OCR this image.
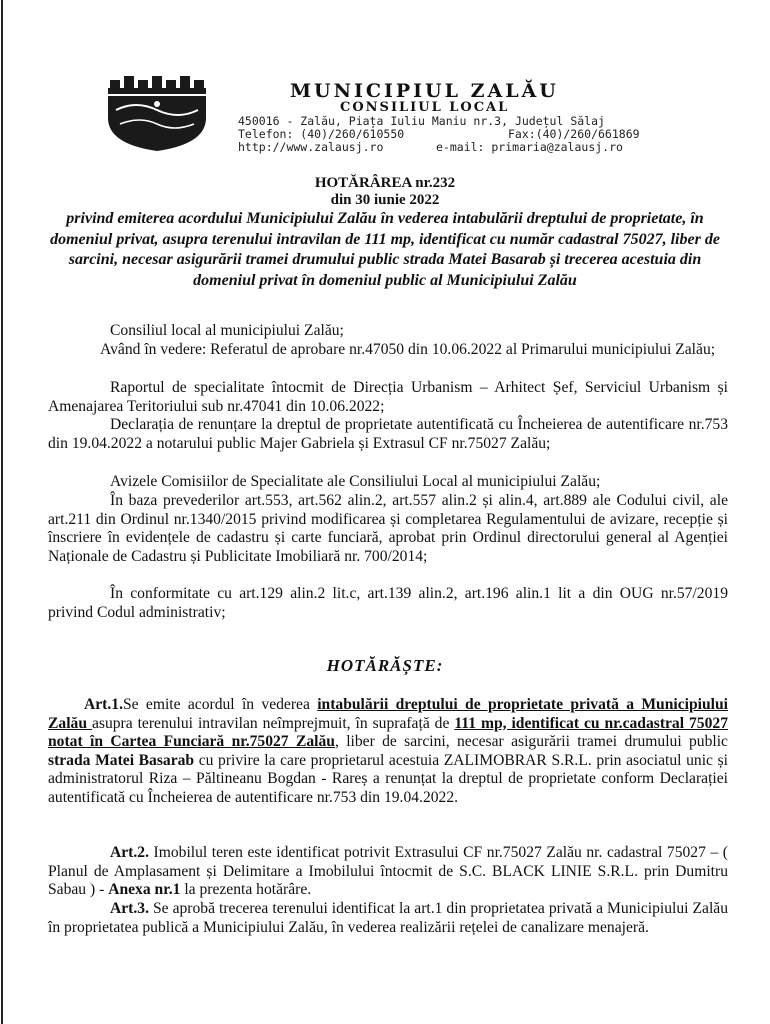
MUNICIPIUL ZALĂU
CONSILIUL LOCAL
450016 - Zalău, Piața Iuliu Maniu nr.3, Județul Sălaj
Telefon: (40)/260/610550	Fax:(40)/260/661869
http://www.zalausj.ro	e-mail: primaria@zalausj.ro
HOTĂRÂREA nr.232
din 30 iunie 2022
privind emiterea acordului Municipiului Zalău în vederea intabulării dreptului de proprietate, în domeniul privat, asupra terenului intravilan de 111 mp, identificat cu număr cadastral 75027, liber de sarcini, necesar asigurării tramei drumului public strada Matei Basarab și trecerea acestuia din domeniul privat în domeniul public al Municipiului Zalău
Consiliul local al municipiului Zalău;
Având în vedere: Referatul de aprobare nr.47050 din 10.06.2022 al Primarului municipiului Zalău;
Raportul de specialitate întocmit de Direcția Urbanism – Arhitect Șef, Serviciul Urbanism și Amenajarea Teritoriului sub nr.47041 din 10.06.2022;
Declarația de renunțare la dreptul de proprietate autentificată cu Încheierea de autentificare nr.753 din 19.04.2022 a notarului public Majer Gabriela și Extrasul CF nr.75027 Zalău;
Avizele Comisiilor de Specialitate ale Consiliului Local al municipiului Zalău;
În baza prevederilor art.553, art.562 alin.2, art.557 alin.2 și alin.4, art.889 ale Codului civil, ale art.211 din Ordinul nr.1340/2015 privind modificarea și completarea Regulamentului de avizare, recepție și înscriere în evidențele de cadastru și carte funciară, aprobat prin Ordinul directorului general al Agenției Naționale de Cadastru și Publicitate Imobiliară nr. 700/2014;
În conformitate cu art.129 alin.2 lit.c, art.139 alin.2, art.196 alin.1 lit a din OUG nr.57/2019 privind Codul administrativ;
HOTĂRĂȘTE:
Art.1.Se emite acordul în vederea intabulării dreptului de proprietate privată a Municipiului Zalău asupra terenului intravilan neîmprejmuit, în suprafață de 111 mp, identificat cu nr.cadastral 75027 notat în Cartea Funciară nr.75027 Zalău, liber de sarcini, necesar asigurării tramei drumului public strada Matei Basarab cu privire la care proprietarul acestuia ZALIMOBRAR S.R.L. prin asociatul unic și administratorul Riza – Păltineanu Bogdan - Rareș a renunțat la dreptul de proprietate conform Declarației autentificată cu Încheierea de autentificare nr.753 din 19.04.2022.
Art.2. Imobilul teren este identificat potrivit Extrasului CF nr.75027 Zalău nr. cadastral 75027 – ( Planul de Amplasament și Delimitare a Imobilului întocmit de S.C. BLACK LINIE S.R.L. prin Dumitru Sabau ) - Anexa nr.1 la prezenta hotărâre.
Art.3. Se aprobă trecerea terenului identificat la art.1 din proprietatea privată a Municipiului Zalău în proprietatea publică a Municipiului Zalău, în vederea realizării rețelei de canalizare menajeră.
